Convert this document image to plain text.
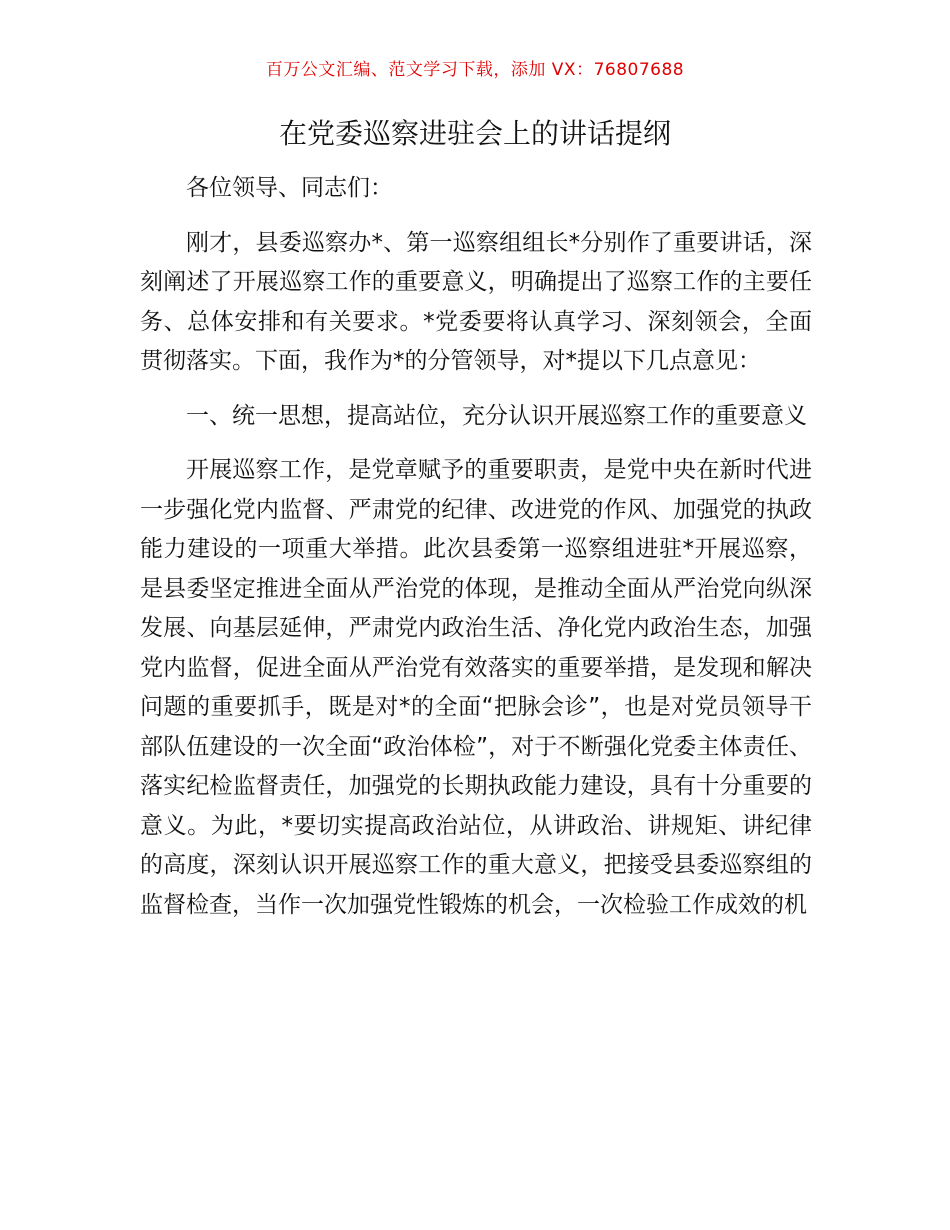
百万公文汇编、范文学习下载，添加 VX：76807688
在党委巡察进驻会上的讲话提纲

各位领导、同志们：

刚才，县委巡察办*、第一巡察组组长*分别作了重要讲话，深刻阐述了开展巡察工作的重要意义，明确提出了巡察工作的主要任务、总体安排和有关要求。*党委要将认真学习、深刻领会，全面贯彻落实。下面，我作为*的分管领导，对*提以下几点意见：

一、统一思想，提高站位，充分认识开展巡察工作的重要意义

开展巡察工作，是党章赋予的重要职责，是党中央在新时代进一步强化党内监督、严肃党的纪律、改进党的作风、加强党的执政能力建设的一项重大举措。此次县委第一巡察组进驻*开展巡察，是县委坚定推进全面从严治党的体现，是推动全面从严治党向纵深发展、向基层延伸，严肃党内政治生活、净化党内政治生态，加强党内监督，促进全面从严治党有效落实的重要举措，是发现和解决问题的重要抓手，既是对*的全面“把脉会诊”，也是对党员领导干部队伍建设的一次全面“政治体检”，对于不断强化党委主体责任、落实纪检监督责任，加强党的长期执政能力建设，具有十分重要的意义。为此，*要切实提高政治站位，从讲政治、讲规矩、讲纪律的高度，深刻认识开展巡察工作的重大意义，把接受县委巡察组的监督检查，当作一次加强党性锻炼的机会，一次检验工作成效的机
